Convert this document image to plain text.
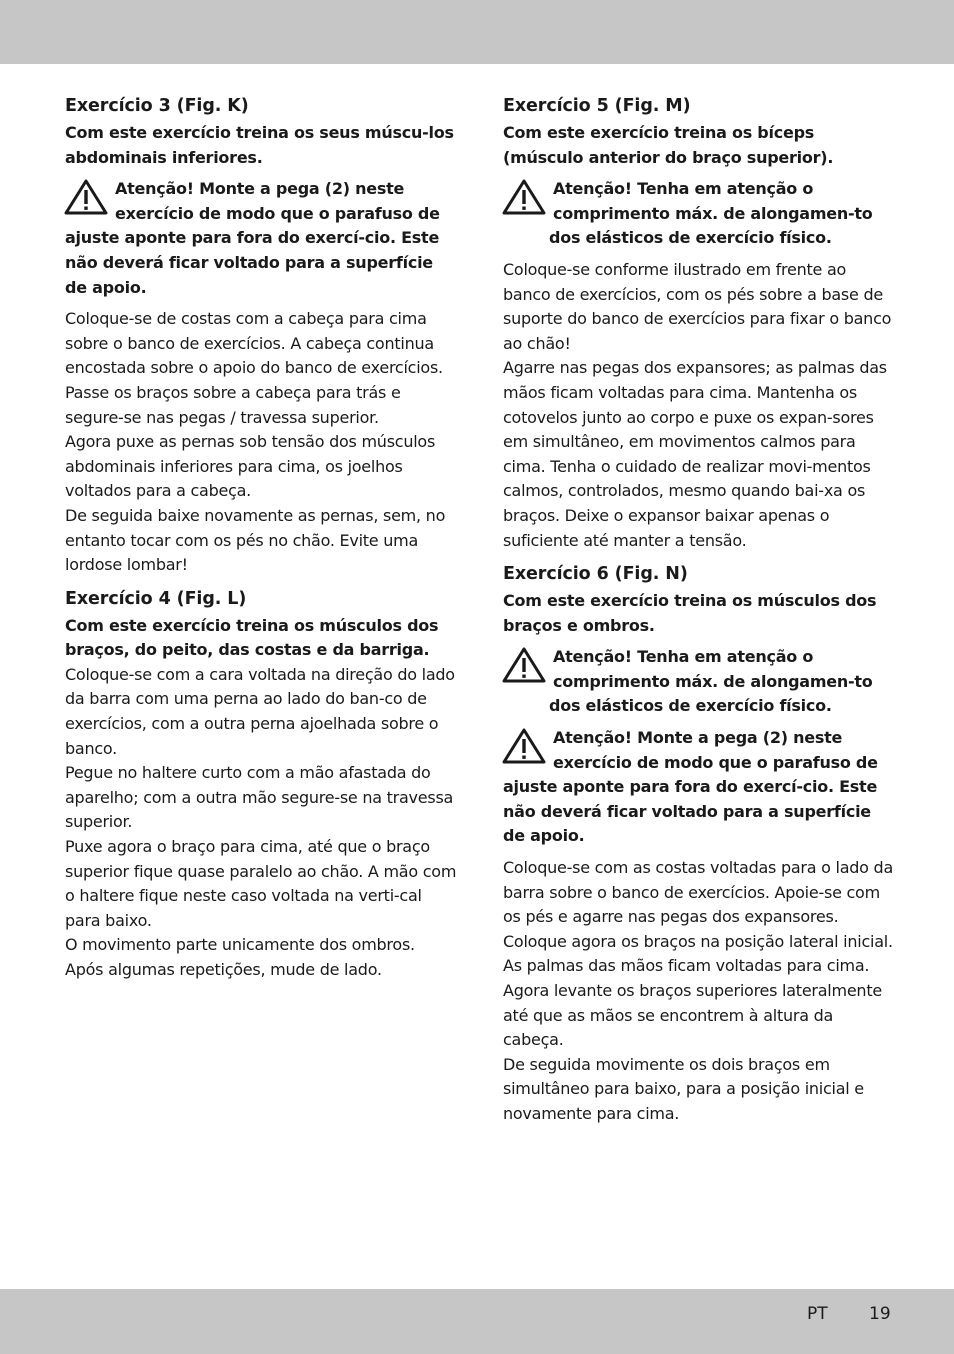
Exercício 3 (Fig. K)
Com este exercício treina os seus múscu-los abdominais inferiores.
Atenção! Monte a pega (2) neste exercício de modo que o parafuso de ajuste aponte para fora do exercí-cio. Este não deverá ficar voltado para a superfície de apoio.

Coloque-se de costas com a cabeça para cima sobre o banco de exercícios. A cabeça continua encostada sobre o apoio do banco de exercícios.

Passe os braços sobre a cabeça para trás e segure-se nas pegas / travessa superior.

Agora puxe as pernas sob tensão dos músculos abdominais inferiores para cima, os joelhos voltados para a cabeça.

De seguida baixe novamente as pernas, sem, no entanto tocar com os pés no chão. Evite uma lordose lombar!

Exercício 4 (Fig. L)
Com este exercício treina os músculos dos braços, do peito, das costas e da barriga.

Coloque-se com a cara voltada na direção do lado da barra com uma perna ao lado do ban-co de exercícios, com a outra perna ajoelhada sobre o banco.

Pegue no haltere curto com a mão afastada do aparelho; com a outra mão segure-se na travessa superior.

Puxe agora o braço para cima, até que o braço superior fique quase paralelo ao chão. A mão com o haltere fique neste caso voltada na verti-cal para baixo.

O movimento parte unicamente dos ombros. Após algumas repetições, mude de lado.

Exercício 5 (Fig. M)
Com este exercício treina os bíceps (músculo anterior do braço superior).
Atenção! Tenha em atenção o comprimento máx. de alongamen-to dos elásticos de exercício físico.

Coloque-se conforme ilustrado em frente ao banco de exercícios, com os pés sobre a base de suporte do banco de exercícios para fixar o banco ao chão!

Agarre nas pegas dos expansores; as palmas das mãos ficam voltadas para cima. Mantenha os cotovelos junto ao corpo e puxe os expan-sores em simultâneo, em movimentos calmos para cima. Tenha o cuidado de realizar movi-mentos calmos, controlados, mesmo quando bai-xa os braços. Deixe o expansor baixar apenas o suficiente até manter a tensão.

Exercício 6 (Fig. N)
Com este exercício treina os músculos dos braços e ombros.
Atenção! Tenha em atenção o comprimento máx. de alongamen-to dos elásticos de exercício físico.
Atenção! Monte a pega (2) neste exercício de modo que o parafuso de ajuste aponte para fora do exercí-cio. Este não deverá ficar voltado para a superfície de apoio.

Coloque-se com as costas voltadas para o lado da barra sobre o banco de exercícios. Apoie-se com os pés e agarre nas pegas dos expansores.

Coloque agora os braços na posição lateral inicial. As palmas das mãos ficam voltadas para cima.

Agora levante os braços superiores lateralmente até que as mãos se encontrem à altura da cabeça.

De seguida movimente os dois braços em simultâneo para baixo, para a posição inicial e novamente para cima.

PT 19
